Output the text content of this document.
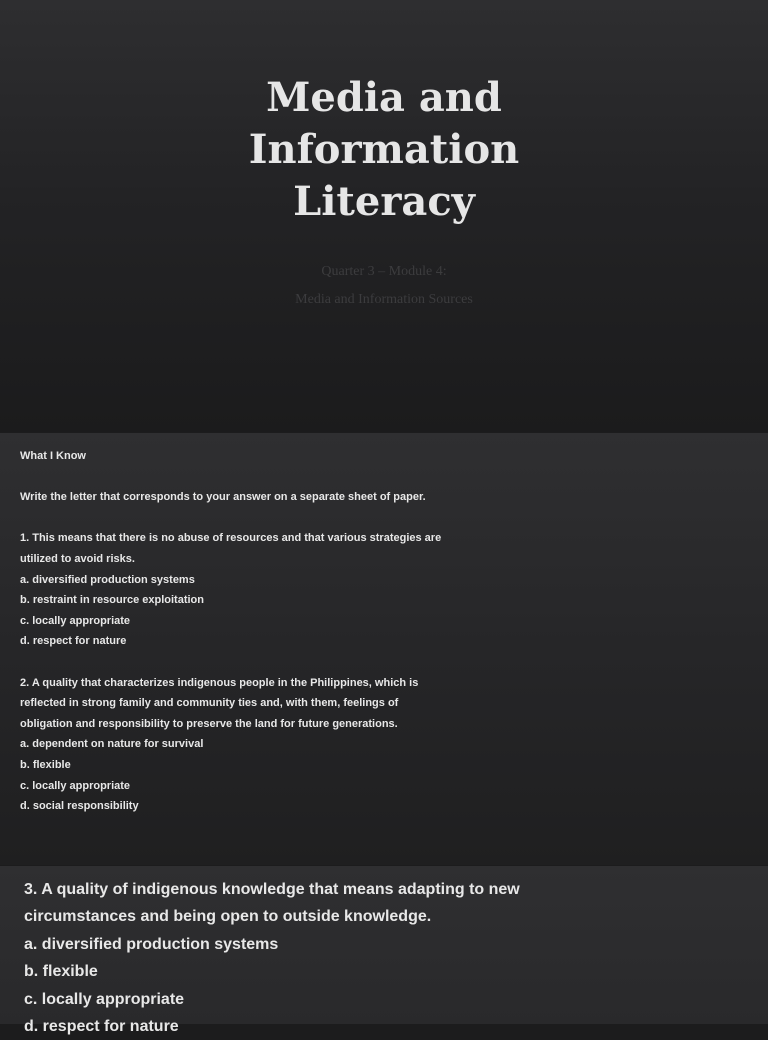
Media and
Information
Literacy
Quarter 3 – Module 4:
Media and Information Sources
What I Know
Write the letter that corresponds to your answer on a separate sheet of paper.
1. This means that there is no abuse of resources and that various strategies are
utilized to avoid risks.
a. diversified production systems
b. restraint in resource exploitation
c. locally appropriate
d. respect for nature
2. A quality that characterizes indigenous people in the Philippines, which is
reflected in strong family and community ties and, with them, feelings of
obligation and responsibility to preserve the land for future generations.
a. dependent on nature for survival
b. flexible
c. locally appropriate
d. social responsibility
3. A quality of indigenous knowledge that means adapting to new
circumstances and being open to outside knowledge.
a. diversified production systems
b. flexible
c. locally appropriate
d. respect for nature
